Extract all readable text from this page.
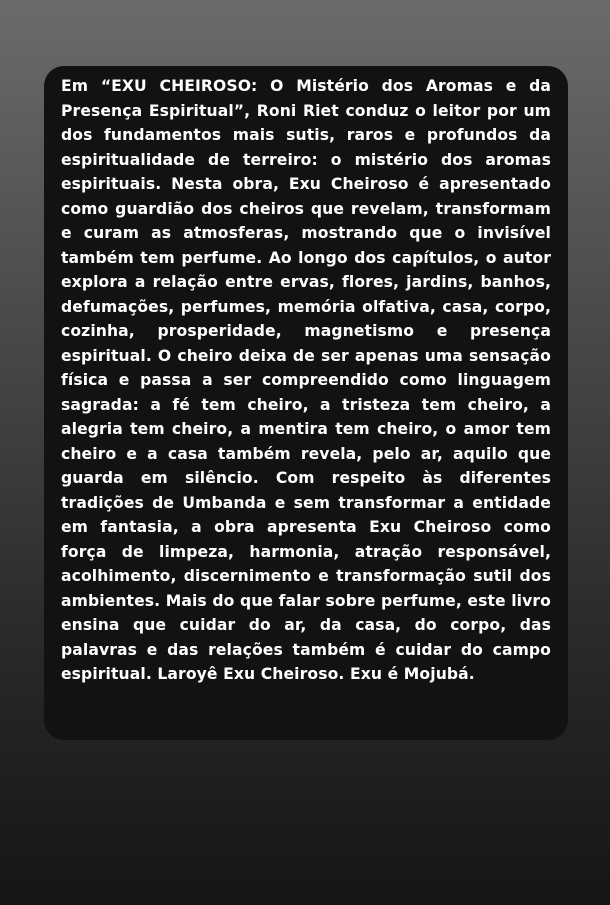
Em “EXU CHEIROSO: O Mistério dos Aromas e da Presença Espiritual”, Roni Riet conduz o leitor por um dos fundamentos mais sutis, raros e profundos da espiritualidade de terreiro: o mistério dos aromas espirituais. Nesta obra, Exu Cheiroso é apresentado como guardião dos cheiros que revelam, transformam e curam as atmosferas, mostrando que o invisível também tem perfume. Ao longo dos capítulos, o autor explora a relação entre ervas, flores, jardins, banhos, defumações, perfumes, memória olfativa, casa, corpo, cozinha, prosperidade, magnetismo e presença espiritual. O cheiro deixa de ser apenas uma sensação física e passa a ser compreendido como linguagem sagrada: a fé tem cheiro, a tristeza tem cheiro, a alegria tem cheiro, a mentira tem cheiro, o amor tem cheiro e a casa também revela, pelo ar, aquilo que guarda em silêncio. Com respeito às diferentes tradições de Umbanda e sem transformar a entidade em fantasia, a obra apresenta Exu Cheiroso como força de limpeza, harmonia, atração responsável, acolhimento, discernimento e transformação sutil dos ambientes. Mais do que falar sobre perfume, este livro ensina que cuidar do ar, da casa, do corpo, das palavras e das relações também é cuidar do campo espiritual. Laroyê Exu Cheiroso. Exu é Mojubá.
